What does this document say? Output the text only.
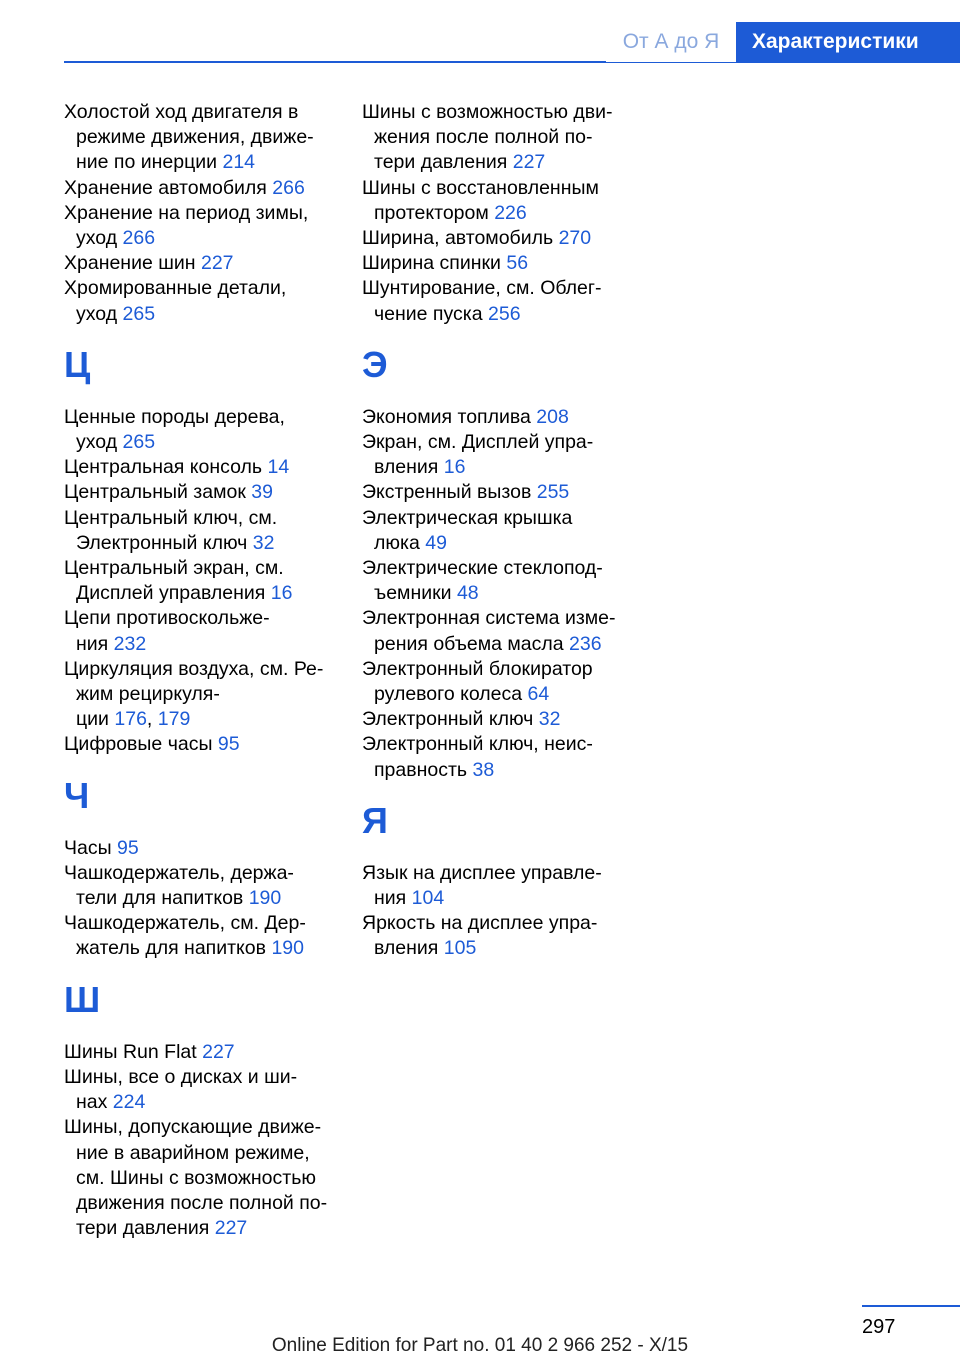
От А до Я	Характеристики
Холостой ход двигателя в
режиме движения, движе-
ние по инерции 214
Хранение автомобиля 266
Хранение на период зимы,
уход 266
Хранение шин 227
Хромированные детали,
уход 265
Ц
Ценные породы дерева,
уход 265
Центральная консоль 14
Центральный замок 39
Центральный ключ, см.
Электронный ключ 32
Центральный экран, см.
Дисплей управления 16
Цепи противоскольже-
ния 232
Циркуляция воздуха, см. Ре-
жим рециркуля-
ции 176, 179
Цифровые часы 95
Ч
Часы 95
Чашкодержатель, держа-
тели для напитков 190
Чашкодержатель, см. Дер-
жатель для напитков 190
Ш
Шины Run Flat 227
Шины, все о дисках и ши-
нах 224
Шины, допускающие движе-
ние в аварийном режиме,
см. Шины с возможностью
движения после полной по-
тери давления 227
Шины с возможностью дви-
жения после полной по-
тери давления 227
Шины с восстановленным
протектором 226
Ширина, автомобиль 270
Ширина спинки 56
Шунтирование, см. Облег-
чение пуска 256
Э
Экономия топлива 208
Экран, см. Дисплей упра-
вления 16
Экстренный вызов 255
Электрическая крышка
люка 49
Электрические стеклопод-
ъемники 48
Электронная система изме-
рения объема масла 236
Электронный блокиратор
рулевого колеса 64
Электронный ключ 32
Электронный ключ, неис-
правность 38
Я
Язык на дисплее управле-
ния 104
Яркость на дисплее упра-
вления 105
297
Online Edition for Part no. 01 40 2 966 252 - X/15
